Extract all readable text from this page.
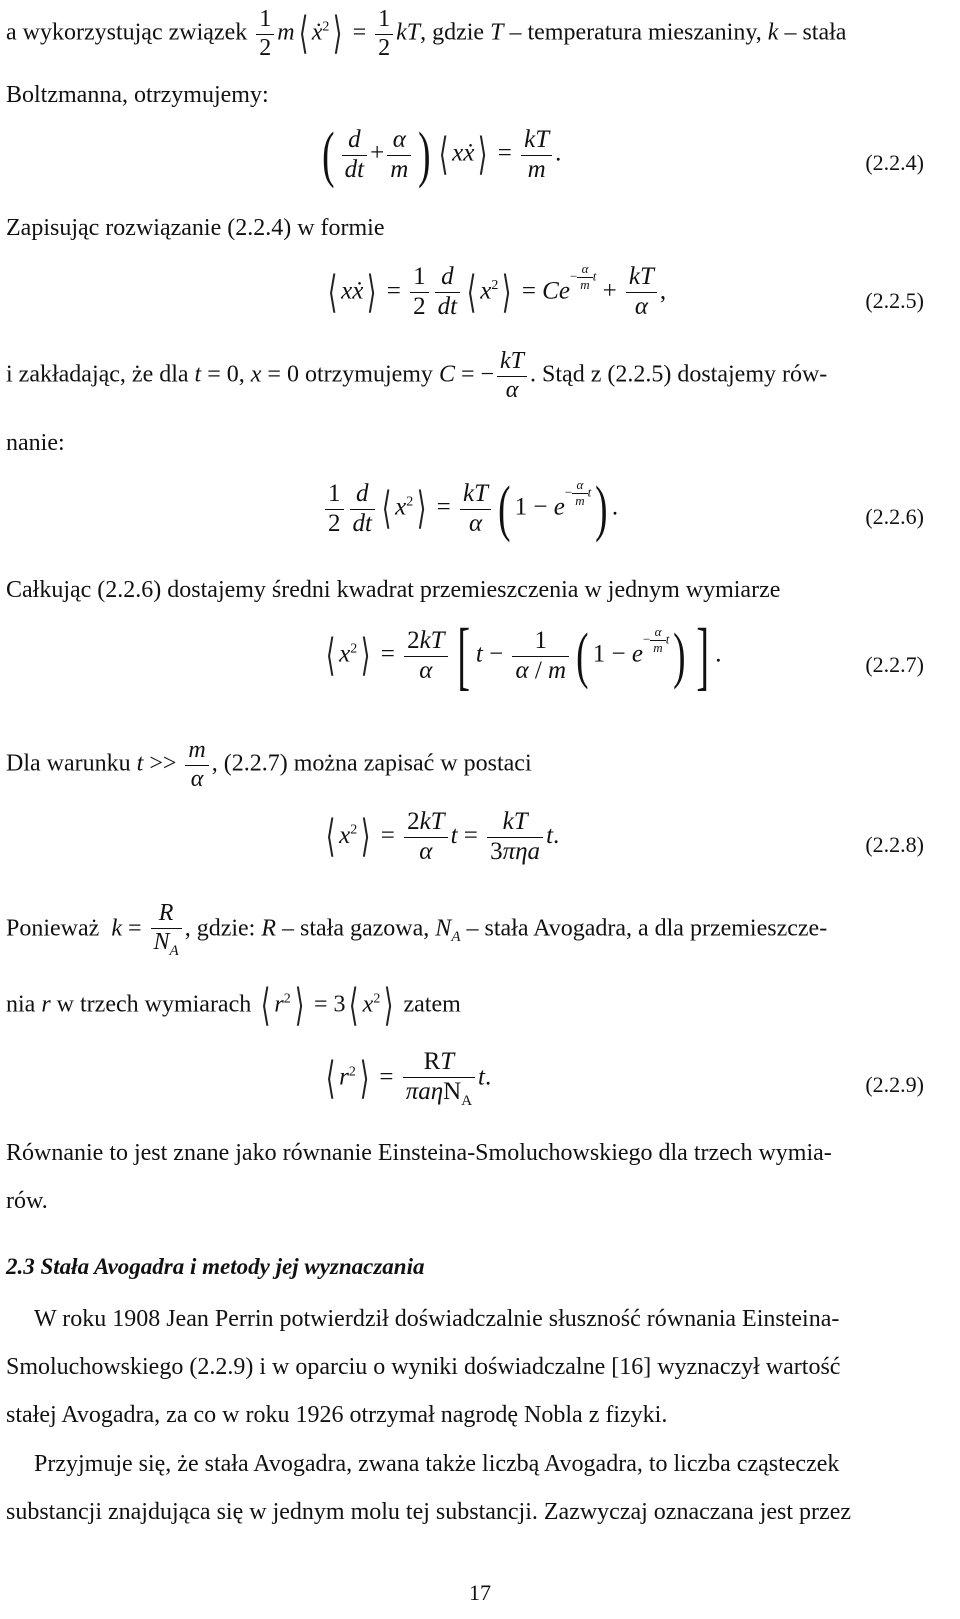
a wykorzystując związek $\frac{1}{2}$ m⟨ ẋ$^2$⟩ = $\frac{1}{2}$ kT, gdzie T – temperatura mieszaniny, k – stała
Boltzmanna, otrzymujemy:
( $\frac{d}{dt} + \frac{\alpha}{m}$ ) ⟨ xẋ⟩ = $\frac{kT}{m}$ .	(2.2.4)
Zapisując rozwiązanie (2.2.4) w formie
⟨ xẋ⟩ = $\frac{1}{2} \frac{d}{dt}$ ⟨ $x^2⟩ = Ce- \frac{\alpha}{m}$ $t + \frac{kT}{\alpha}$ ,	(2.2.5)
i zakładając, że dla t = 0, x = 0 otrzymujemy C = − $\frac{kT}{\alpha}$ . Stąd z (2.2.5) dostajemy rów-
nanie:
$\frac{1}{2} \frac{d}{dt}$ ⟨ $x^2⟩ = \frac{kT}{\alpha}$ ( $1 - e- \frac{\alpha}{m} t$) .	(2.2.6)
Całkując (2.2.6) dostajemy średni kwadrat przemieszczenia w jednym wymiarze
⟨ $x^2⟩ = \frac{2kT}{\alpha}$ [ $t - \frac{1}{\alpha / m}$ ( $1 - e- \frac{\alpha}{m} t$) ] .	(2.2.7)
Dla warunku $t >> \frac{m}{\alpha}$ , (2.2.7) można zapisać w postaci
⟨ $x^2⟩ = \frac{2kT}{\alpha}$ $t = \frac{kT}{\text{3πηa}} t$.	(2.2.8)
Ponieważ $k = \frac{R}{N_A}$ , gdzie: R – stała gazowa, $N_A$ – stała Avogadra, a dla przemieszcze-
nia r w trzech wymiarach ⟨ $r^2⟩$ = 3⟨ $x^2⟩$ zatem
⟨ $r^2⟩ = \frac{RT}{\pi a\eta N_A} t$.	(2.2.9)
Równanie to jest znane jako równanie Einsteina-Smoluchowskiego dla trzech wymia-
rów.
2.3 Stała Avogadra i metody jej wyznaczania
W roku 1908 Jean Perrin potwierdził doświadczalnie słuszność równania Einsteina-
Smoluchowskiego (2.2.9) i w oparciu o wyniki doświadczalne [16] wyznaczył wartość
stałej Avogadra, za co w roku 1926 otrzymał nagrodę Nobla z fizyki.
Przyjmuje się, że stała Avogadra, zwana także liczbą Avogadra, to liczba cząsteczek
substancji znajdująca się w jednym molu tej substancji. Zazwyczaj oznaczana jest przez
17
